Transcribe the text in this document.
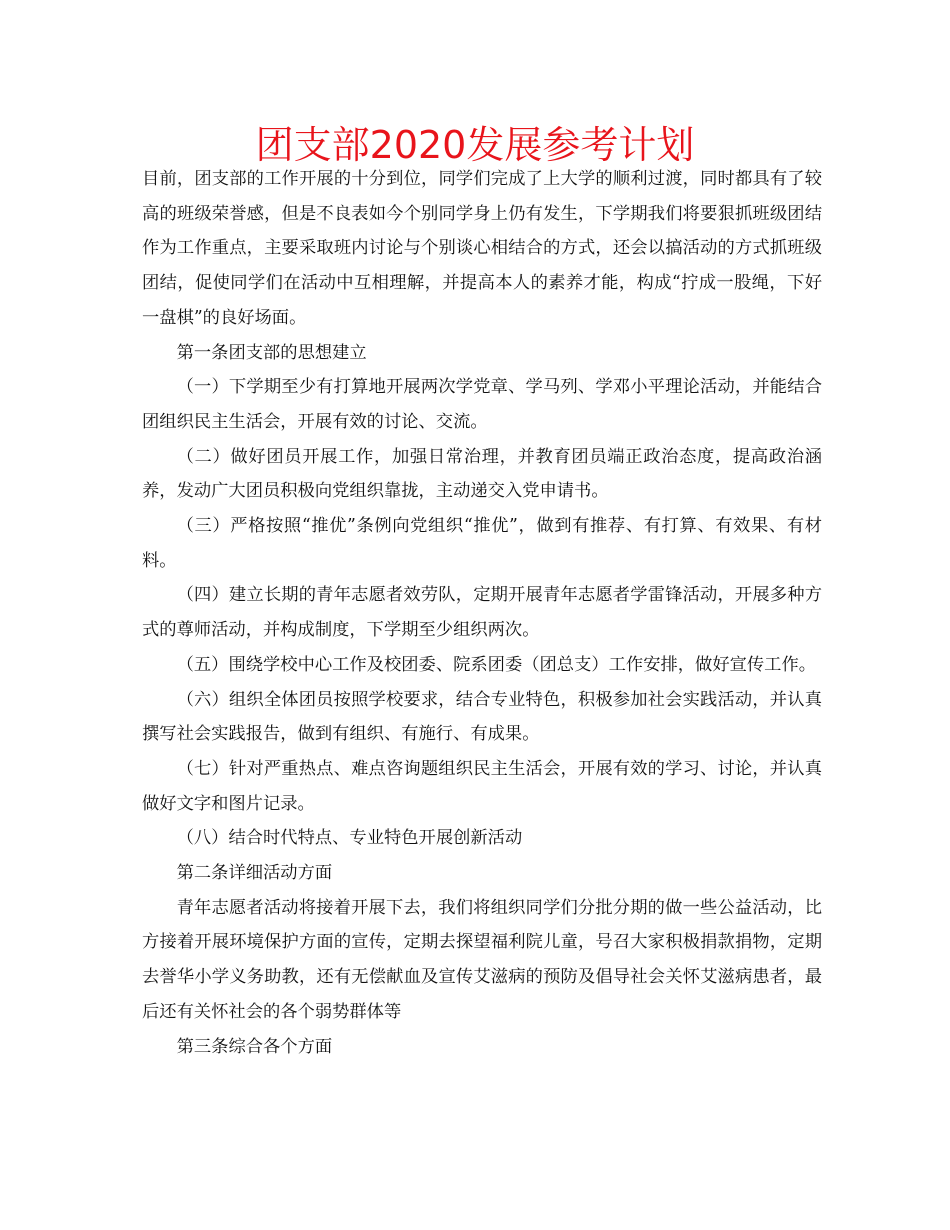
团支部2020发展参考计划

目前，团支部的工作开展的十分到位，同学们完成了上大学的顺利过渡，同时都具有了较高的班级荣誉感，但是不良表如今个别同学身上仍有发生，下学期我们将要狠抓班级团结作为工作重点，主要采取班内讨论与个别谈心相结合的方式，还会以搞活动的方式抓班级团结，促使同学们在活动中互相理解，并提高本人的素养才能，构成“拧成一股绳，下好一盘棋”的良好场面。

第一条团支部的思想建立

（一）下学期至少有打算地开展两次学党章、学马列、学邓小平理论活动，并能结合团组织民主生活会，开展有效的讨论、交流。

（二）做好团员开展工作，加强日常治理，并教育团员端正政治态度，提高政治涵养，发动广大团员积极向党组织靠拢，主动递交入党申请书。

（三）严格按照“推优”条例向党组织“推优”，做到有推荐、有打算、有效果、有材料。

（四）建立长期的青年志愿者效劳队，定期开展青年志愿者学雷锋活动，开展多种方式的尊师活动，并构成制度，下学期至少组织两次。

（五）围绕学校中心工作及校团委、院系团委（团总支）工作安排，做好宣传工作。

（六）组织全体团员按照学校要求，结合专业特色，积极参加社会实践活动，并认真撰写社会实践报告，做到有组织、有施行、有成果。

（七）针对严重热点、难点咨询题组织民主生活会，开展有效的学习、讨论，并认真做好文字和图片记录。

（八）结合时代特点、专业特色开展创新活动

第二条详细活动方面

青年志愿者活动将接着开展下去，我们将组织同学们分批分期的做一些公益活动，比方接着开展环境保护方面的宣传，定期去探望福利院儿童，号召大家积极捐款捐物，定期去誉华小学义务助教，还有无偿献血及宣传艾滋病的预防及倡导社会关怀艾滋病患者，最后还有关怀社会的各个弱势群体等

第三条综合各个方面
